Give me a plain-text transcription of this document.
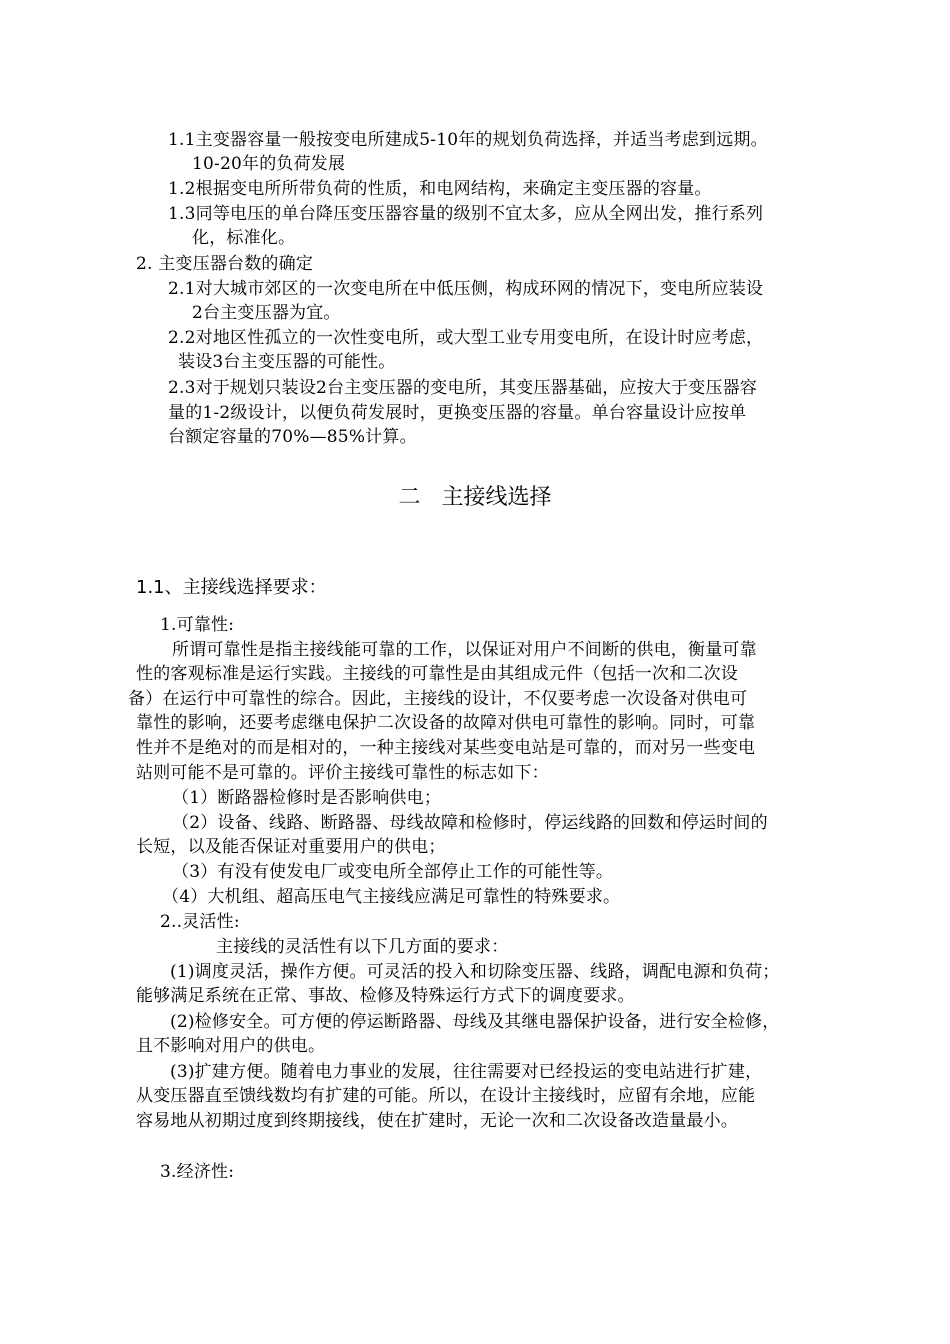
1.1主变器容量一般按变电所建成5-10年的规划负荷选择，并适当考虑到远期。
10-20年的负荷发展
1.2根据变电所所带负荷的性质，和电网结构，来确定主变压器的容量。
1.3同等电压的单台降压变压器容量的级别不宜太多，应从全网出发，推行系列
化，标准化。
2. 主变压器台数的确定
2.1对大城市郊区的一次变电所在中低压侧，构成环网的情况下，变电所应装设
2台主变压器为宜。
2.2对地区性孤立的一次性变电所，或大型工业专用变电所，在设计时应考虑，
装设3台主变压器的可能性。
2.3对于规划只装设2台主变压器的变电所，其变压器基础，应按大于变压器容
量的1-2级设计，以便负荷发展时，更换变压器的容量。单台容量设计应按单
台额定容量的70%—85%计算。
二   主接线选择
1.1、主接线选择要求：
1.可靠性:
所谓可靠性是指主接线能可靠的工作，以保证对用户不间断的供电，衡量可靠
性的客观标准是运行实践。主接线的可靠性是由其组成元件（包括一次和二次设
备）在运行中可靠性的综合。因此，主接线的设计，不仅要考虑一次设备对供电可
靠性的影响，还要考虑继电保护二次设备的故障对供电可靠性的影响。同时，可靠
性并不是绝对的而是相对的，一种主接线对某些变电站是可靠的，而对另一些变电
站则可能不是可靠的。评价主接线可靠性的标志如下：
（1）断路器检修时是否影响供电；
（2）设备、线路、断路器、母线故障和检修时，停运线路的回数和停运时间的
长短，以及能否保证对重要用户的供电；
（3）有没有使发电厂或变电所全部停止工作的可能性等。
（4）大机组、超高压电气主接线应满足可靠性的特殊要求。
2..灵活性:
主接线的灵活性有以下几方面的要求：
(1)调度灵活，操作方便。可灵活的投入和切除变压器、线路，调配电源和负荷；
能够满足系统在正常、事故、检修及特殊运行方式下的调度要求。
(2)检修安全。可方便的停运断路器、母线及其继电器保护设备，进行安全检修，
且不影响对用户的供电。
(3)扩建方便。随着电力事业的发展，往往需要对已经投运的变电站进行扩建，
从变压器直至馈线数均有扩建的可能。所以，在设计主接线时，应留有余地，应能
容易地从初期过度到终期接线，使在扩建时，无论一次和二次设备改造量最小。
3.经济性:
